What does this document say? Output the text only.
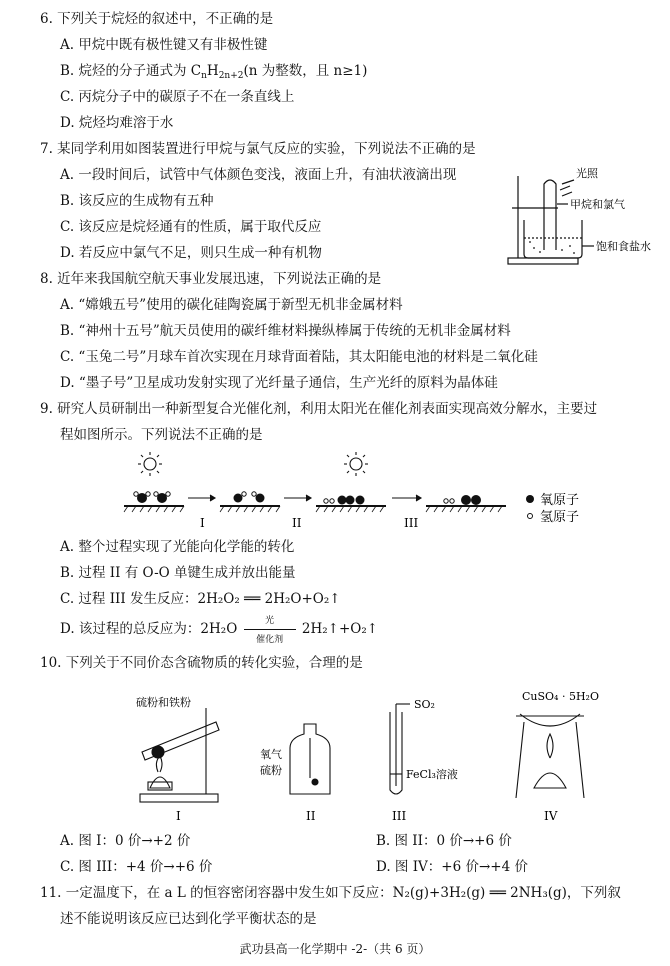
6. 下列关于烷烃的叙述中，不正确的是
A. 甲烷中既有极性键又有非极性键
B. 烷烃的分子通式为 $C_nH_{2n+2}(n$ 为整数，且 n≥1)
C. 丙烷分子中的碳原子不在一条直线上
D. 烷烃均难溶于水
7. 某同学利用如图装置进行甲烷与氯气反应的实验，下列说法不正确的是
A. 一段时间后，试管中气体颜色变浅，液面上升，有油状液滴出现
B. 该反应的生成物有五种
C. 该反应是烷烃通有的性质，属于取代反应
D. 若反应中氯气不足，则只生成一种有机物
光照
甲烷和氯气
饱和食盐水
8. 近年来我国航空航天事业发展迅速，下列说法正确的是
A. “嫦娥五号”使用的碳化硅陶瓷属于新型无机非金属材料
B. “神州十五号”航天员使用的碳纤维材料操纵棒属于传统的无机非金属材料
C. “玉兔二号”月球车首次实现在月球背面着陆，其太阳能电池的材料是二氧化硅
D. “墨子号”卫星成功发射实现了光纤量子通信，生产光纤的原料为晶体硅
9. 研究人员研制出一种新型复合光催化剂，利用太阳光在催化剂表面实现高效分解水，主要过
程如图所示。下列说法不正确的是
I	II	III
氧原子
氢原子
A. 整个过程实现了光能向化学能的转化
B. 过程 II 有 O-O 单键生成并放出能量
C. 过程 III 发生反应：2H₂O₂ ══ 2H₂O+O₂↑
D. 该过程的总反应为：2H₂O	光
催化剂
2H₂↑+O₂↑
10. 下列关于不同价态含硫物质的转化实验，合理的是
硫粉和铁粉
氧气
硫粉
SO₂
FeCl₃溶液
CuSO₄ · 5H₂O
I	II	III	IV
A. 图 I：0 价→+2 价	B. 图 II：0 价→+6 价
C. 图 III：+4 价→+6 价	D. 图 IV：+6 价→+4 价
11. 一定温度下，在 a L 的恒容密闭容器中发生如下反应：N₂(g)+3H₂(g) ══ 2NH₃(g)，下列叙
述不能说明该反应已达到化学平衡状态的是
武功县高一化学期中 -2-（共 6 页）
